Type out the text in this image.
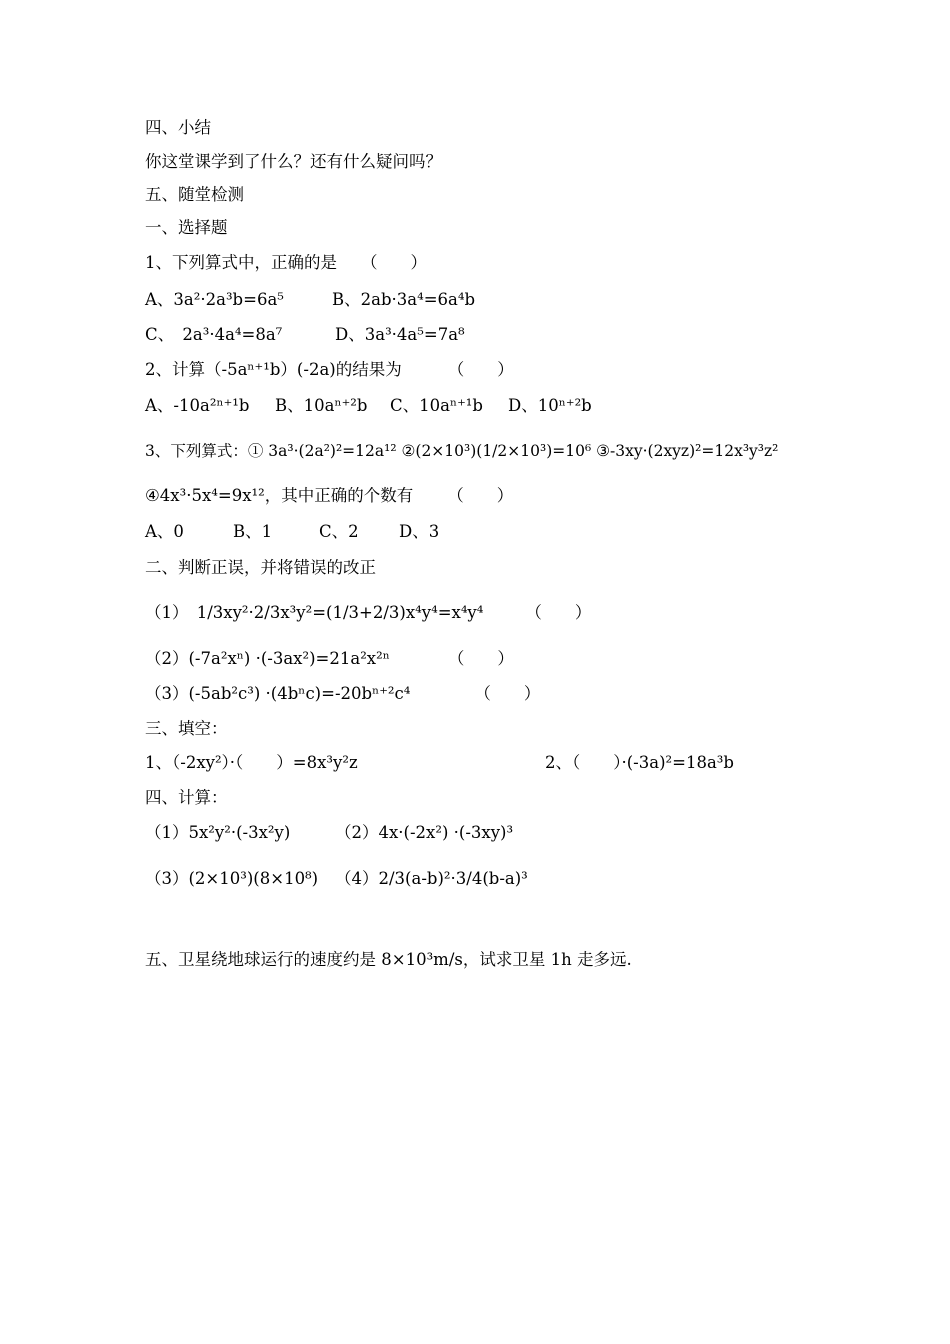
四、小结
你这堂课学到了什么？还有什么疑问吗？
五、随堂检测
一、选择题
1、下列算式中，正确的是 （　　）
A、3a²·2a³b=6a⁵	B、2ab·3a⁴=6a⁴b
C、　2a³·4a⁴=8a⁷	D、3a³·4a⁵=7a⁸
2、计算（-5aⁿ⁺¹b）(-2a)的结果为	（　　）
A、-10a²ⁿ⁺¹b B、10aⁿ⁺²b C、10aⁿ⁺¹b D、10ⁿ⁺²b
3、下列算式：① 3a³·(2a²)²=12a¹² ②(2×10³)(1/2×10³)=10⁶ ③-3xy·(2xyz)²=12x³y³z²
④4x³·5x⁴=9x¹²，其中正确的个数有 （　　）
A、0	B、1	C、2 D、3
二、判断正误，并将错误的改正
（1）　1/3xy²·2/3x³y²=(1/3+2/3)x⁴y⁴=x⁴y⁴	（　　）
（2）(-7a²xⁿ) ·(-3ax²)=21a²x²ⁿ	（　　）
（3）(-5ab²c³) ·(4bⁿc)=-20bⁿ⁺²c⁴	（　　）
三、填空：
1、（-2xy²）·（　　）=8x³y²z	2、（　　）·(-3a)²=18a³b
四、计算：
（1）5x²y²·(-3x²y)	（2）4x·(-2x²) ·(-3xy)³
（3）(2×10³)(8×10⁸) （4）2/3(a-b)²·3/4(b-a)³
五、卫星绕地球运行的速度约是 8×10³m/s，试求卫星 1h 走多远.
